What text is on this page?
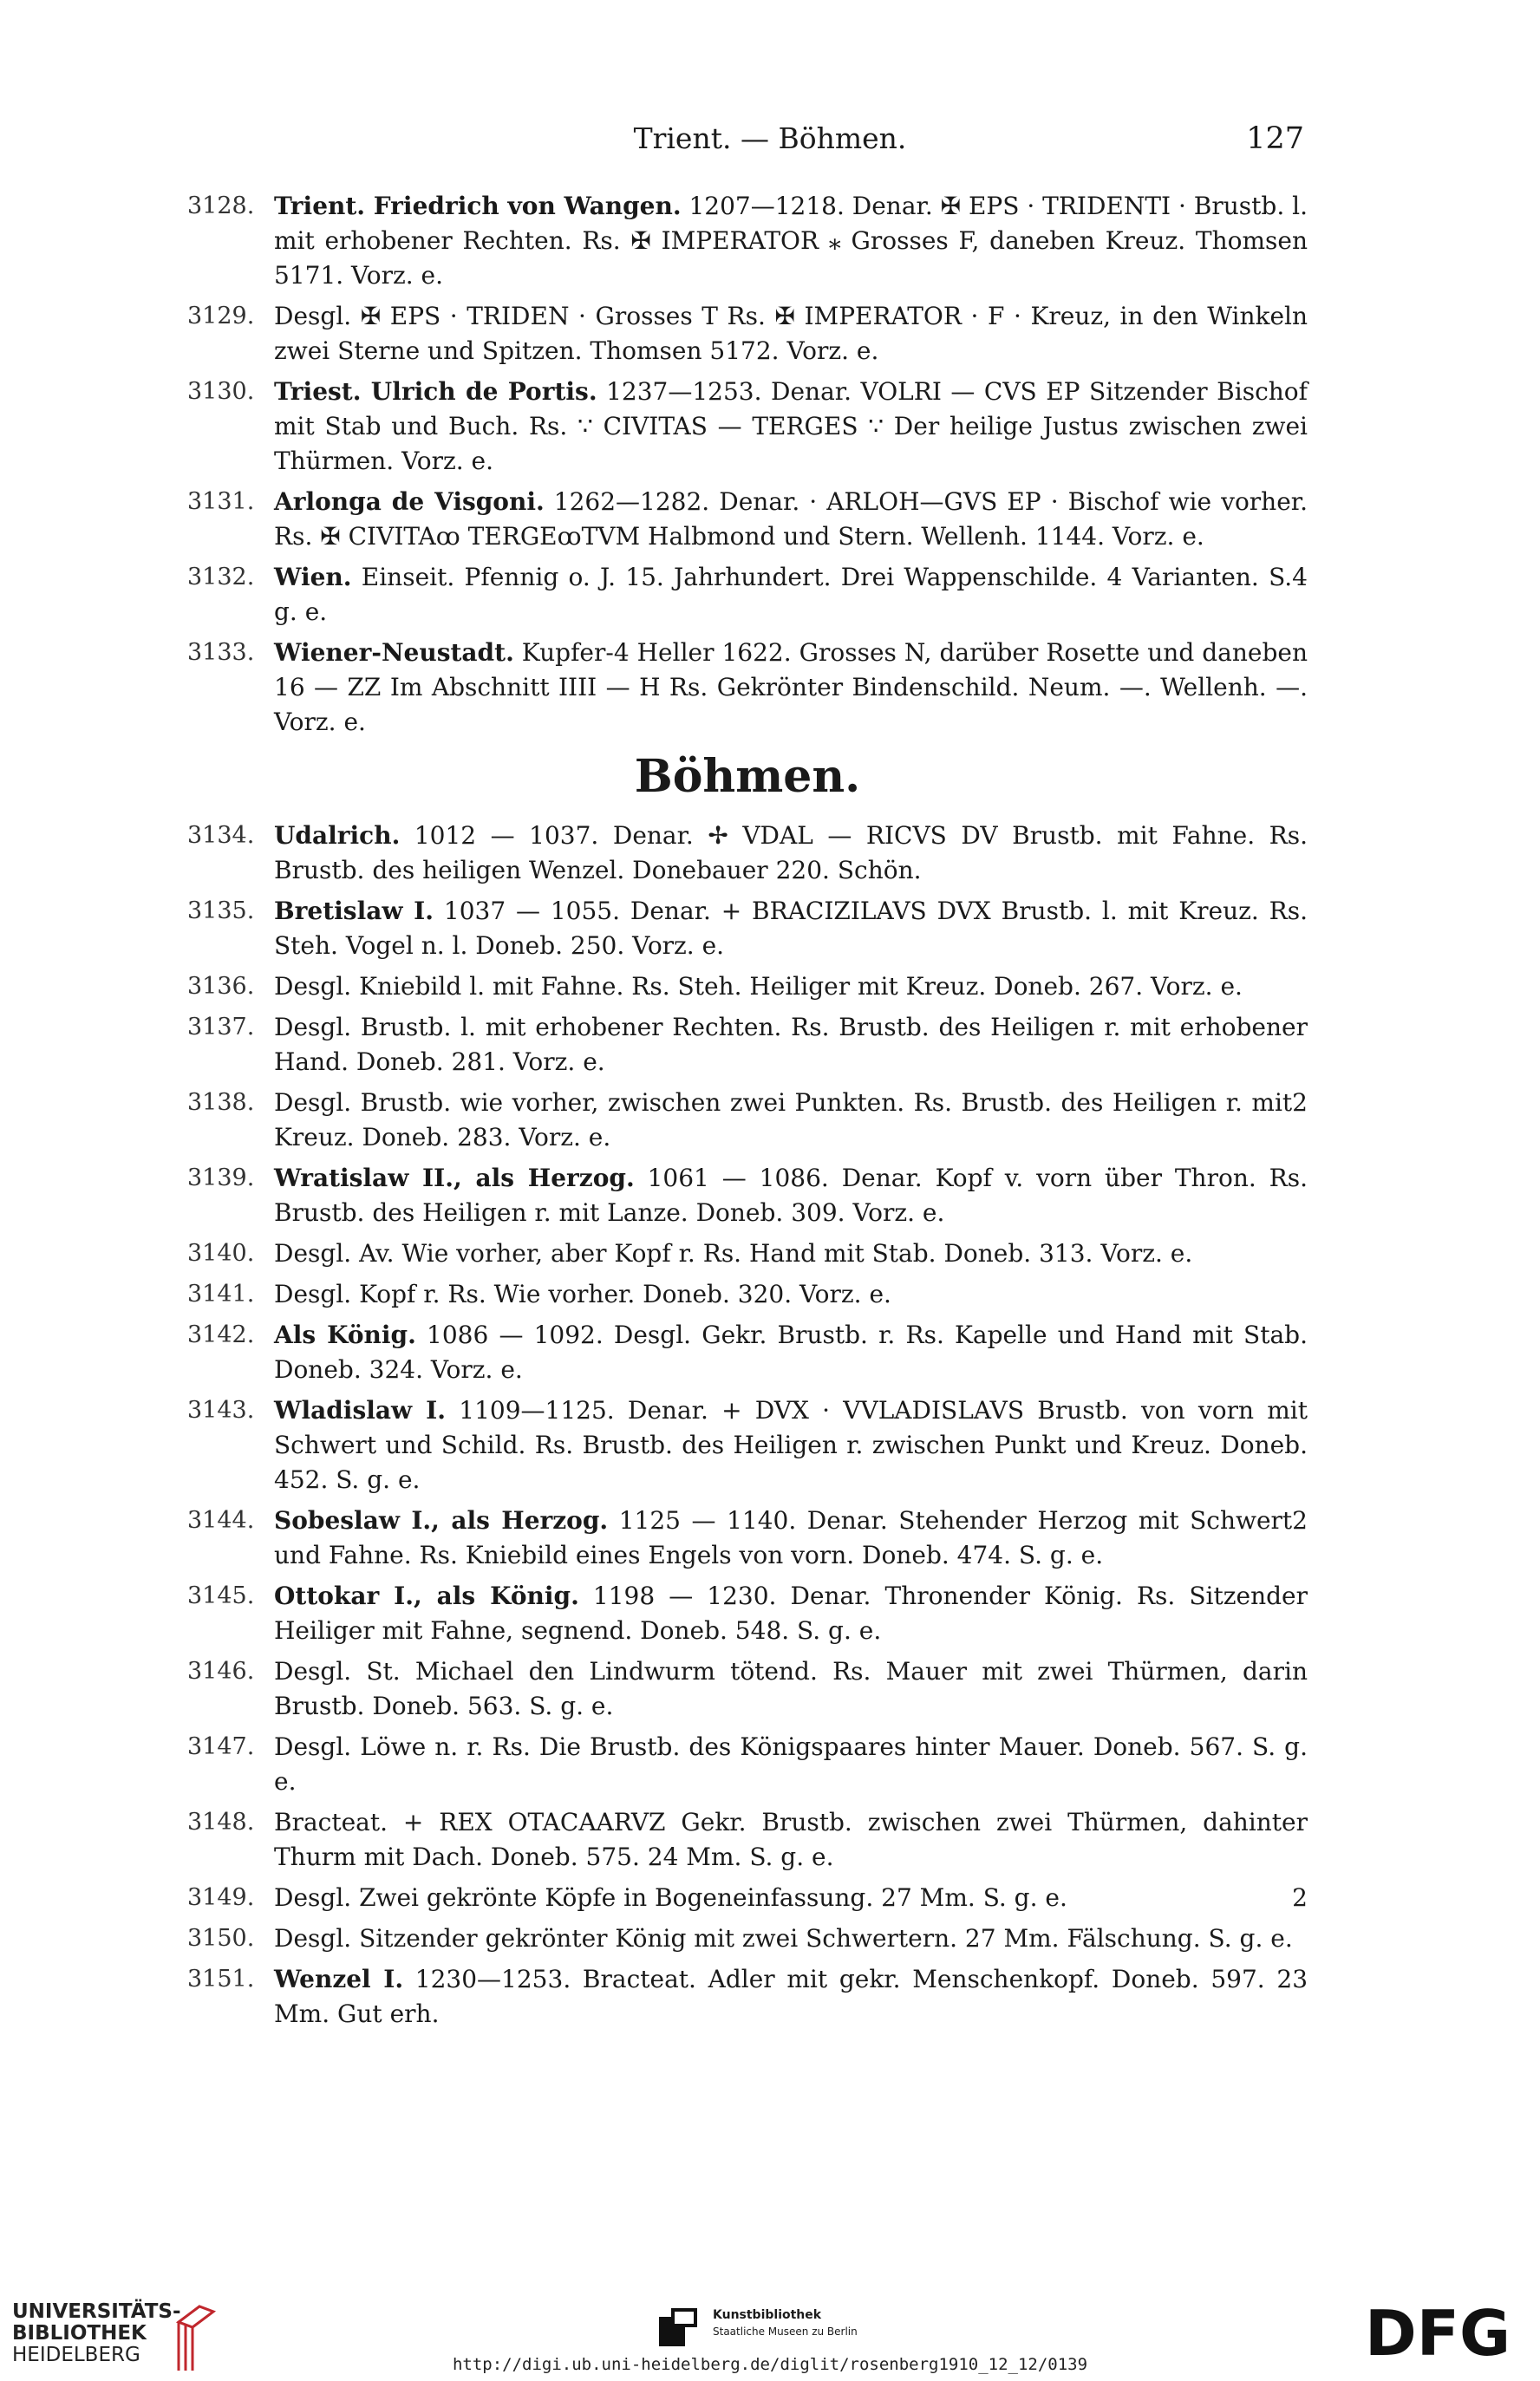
Trient. — Böhmen.	127
3128. Trient. Friedrich von Wangen. 1207—1218. Denar. ✠ EPS · TRIDENTI · Brustb. l. mit erhobener Rechten. Rs. ✠ IMPERATOR ⁎ Grosses F, daneben Kreuz. Thomsen 5171. Vorz. e.
3129. Desgl. ✠ EPS · TRIDEN · Grosses T Rs. ✠ IMPERATOR · F · Kreuz, in den Winkeln zwei Sterne und Spitzen. Thomsen 5172. Vorz. e.
3130. Triest. Ulrich de Portis. 1237—1253. Denar. VOLRI — CVS EP Sitzender Bischof mit Stab und Buch. Rs. ∵ CIVITAS — TERGES ∵ Der heilige Justus zwischen zwei Thürmen. Vorz. e.
3131. Arlonga de Visgoni. 1262—1282. Denar. · ARLOH—GVS EP · Bischof wie vorher. Rs. ✠ CIVITAꝏ TERGEꝏTVM Halbmond und Stern. Wellenh. 1144. Vorz. e.
3132.	4
Wien. Einseit. Pfennig o. J. 15. Jahrhundert. Drei Wappenschilde. 4 Varianten. S. g. e.
3133. Wiener-Neustadt. Kupfer-4 Heller 1622. Grosses N, darüber Rosette und daneben 16 — ZZ Im Abschnitt IIII — H Rs. Gekrönter Bindenschild. Neum. —. Wellenh. —. Vorz. e.
Böhmen.
3134. Udalrich. 1012 — 1037. Denar. ✢ VDAL — RICVS DV Brustb. mit Fahne. Rs. Brustb. des heiligen Wenzel. Donebauer 220. Schön.
3135. Bretislaw I. 1037 — 1055. Denar. + BRACIZILAVS DVX Brustb. l. mit Kreuz. Rs. Steh. Vogel n. l. Doneb. 250. Vorz. e.
3136. Desgl. Kniebild l. mit Fahne. Rs. Steh. Heiliger mit Kreuz. Doneb. 267. Vorz. e.
3137. Desgl. Brustb. l. mit erhobener Rechten. Rs. Brustb. des Heiligen r. mit erhobener Hand. Doneb. 281. Vorz. e.
3138.	2
Desgl. Brustb. wie vorher, zwischen zwei Punkten. Rs. Brustb. des Heiligen r. mit Kreuz. Doneb. 283. Vorz. e.
3139. Wratislaw II., als Herzog. 1061 — 1086. Denar. Kopf v. vorn über Thron. Rs. Brustb. des Heiligen r. mit Lanze. Doneb. 309. Vorz. e.
3140. Desgl. Av. Wie vorher, aber Kopf r. Rs. Hand mit Stab. Doneb. 313. Vorz. e.
3141. Desgl. Kopf r. Rs. Wie vorher. Doneb. 320. Vorz. e.
3142. Als König. 1086 — 1092. Desgl. Gekr. Brustb. r. Rs. Kapelle und Hand mit Stab. Doneb. 324. Vorz. e.
3143. Wladislaw I. 1109—1125. Denar. + DVX · VVLADISLAVS Brustb. von vorn mit Schwert und Schild. Rs. Brustb. des Heiligen r. zwischen Punkt und Kreuz. Doneb. 452. S. g. e.
3144.	2
Sobeslaw I., als Herzog. 1125 — 1140. Denar. Stehender Herzog mit Schwert und Fahne. Rs. Kniebild eines Engels von vorn. Doneb. 474. S. g. e.
3145. Ottokar I., als König. 1198 — 1230. Denar. Thronender König. Rs. Sitzender Heiliger mit Fahne, segnend. Doneb. 548. S. g. e.
3146. Desgl. St. Michael den Lindwurm tötend. Rs. Mauer mit zwei Thürmen, darin Brustb. Doneb. 563. S. g. e.
3147. Desgl. Löwe n. r. Rs. Die Brustb. des Königspaares hinter Mauer. Doneb. 567. S. g. e.
3148. Bracteat. + REX OTACAARVZ Gekr. Brustb. zwischen zwei Thürmen, dahinter Thurm mit Dach. Doneb. 575. 24 Mm. S. g. e.
3149.	2
Desgl. Zwei gekrönte Köpfe in Bogeneinfassung. 27 Mm. S. g. e.
3150. Desgl. Sitzender gekrönter König mit zwei Schwertern. 27 Mm. Fälschung. S. g. e.
3151. Wenzel I. 1230—1253. Bracteat. Adler mit gekr. Menschenkopf. Doneb. 597. 23 Mm. Gut erh.
UNIVERSITÄTS-
BIBLIOTHEK
HEIDELBERG
Kunstbibliothek
Staatliche Museen zu Berlin	DFG
http://digi.ub.uni-heidelberg.de/diglit/rosenberg1910_12_12/0139
